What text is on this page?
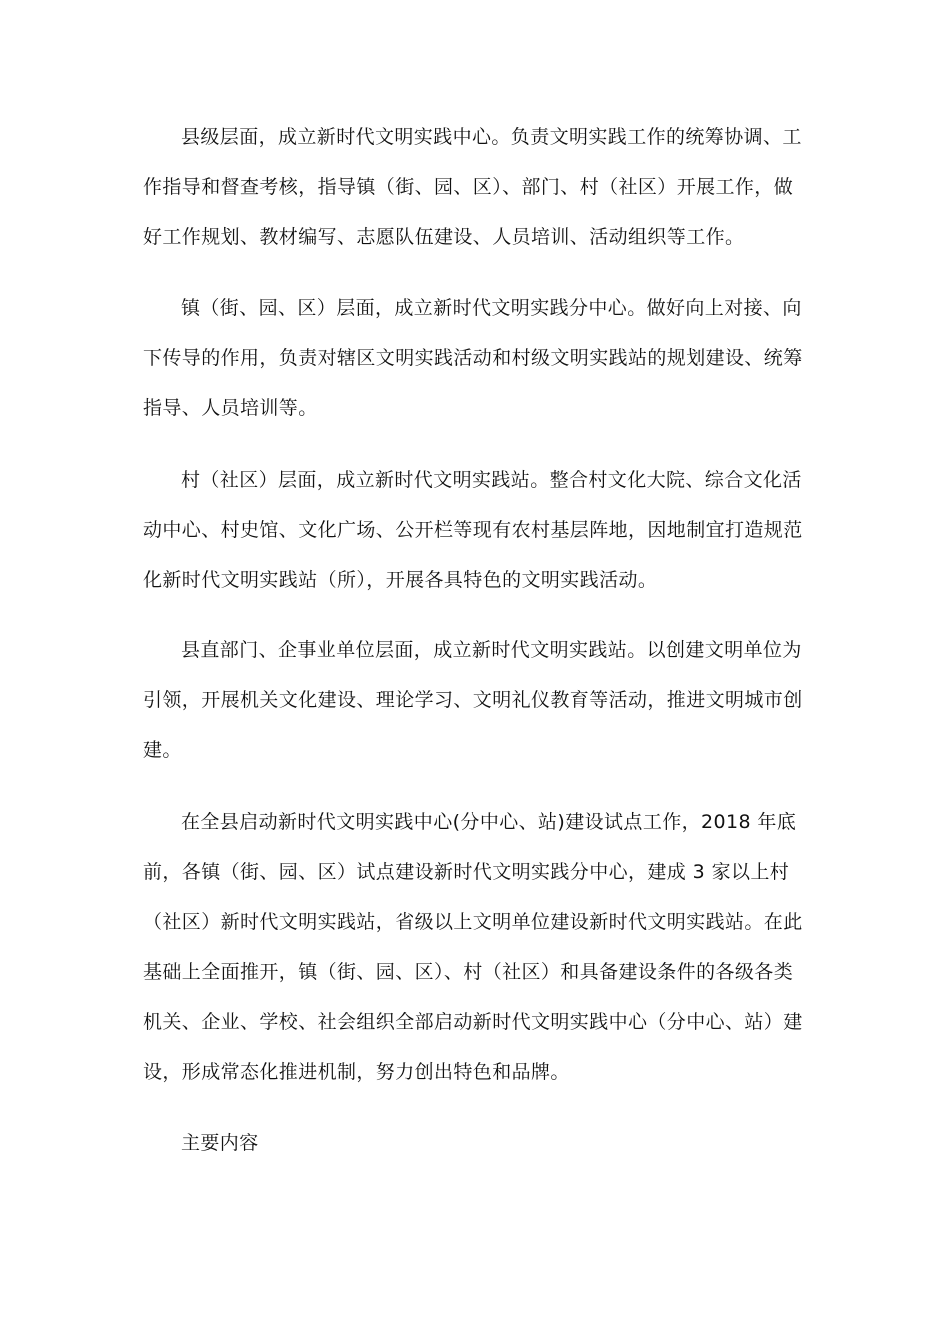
县级层面，成立新时代文明实践中心。负责文明实践工作的统筹协调、工
作指导和督查考核，指导镇（街、园、区）、部门、村（社区）开展工作，做
好工作规划、教材编写、志愿队伍建设、人员培训、活动组织等工作。

镇（街、园、区）层面，成立新时代文明实践分中心。做好向上对接、向
下传导的作用，负责对辖区文明实践活动和村级文明实践站的规划建设、统筹
指导、人员培训等。

村（社区）层面，成立新时代文明实践站。整合村文化大院、综合文化活
动中心、村史馆、文化广场、公开栏等现有农村基层阵地，因地制宜打造规范
化新时代文明实践站（所），开展各具特色的文明实践活动。

县直部门、企事业单位层面，成立新时代文明实践站。以创建文明单位为
引领，开展机关文化建设、理论学习、文明礼仪教育等活动，推进文明城市创
建。

在全县启动新时代文明实践中心(分中心、站)建设试点工作，2018 年底
前，各镇（街、园、区）试点建设新时代文明实践分中心，建成 3 家以上村
（社区）新时代文明实践站，省级以上文明单位建设新时代文明实践站。在此
基础上全面推开，镇（街、园、区）、村（社区）和具备建设条件的各级各类
机关、企业、学校、社会组织全部启动新时代文明实践中心（分中心、站）建
设，形成常态化推进机制，努力创出特色和品牌。

主要内容
